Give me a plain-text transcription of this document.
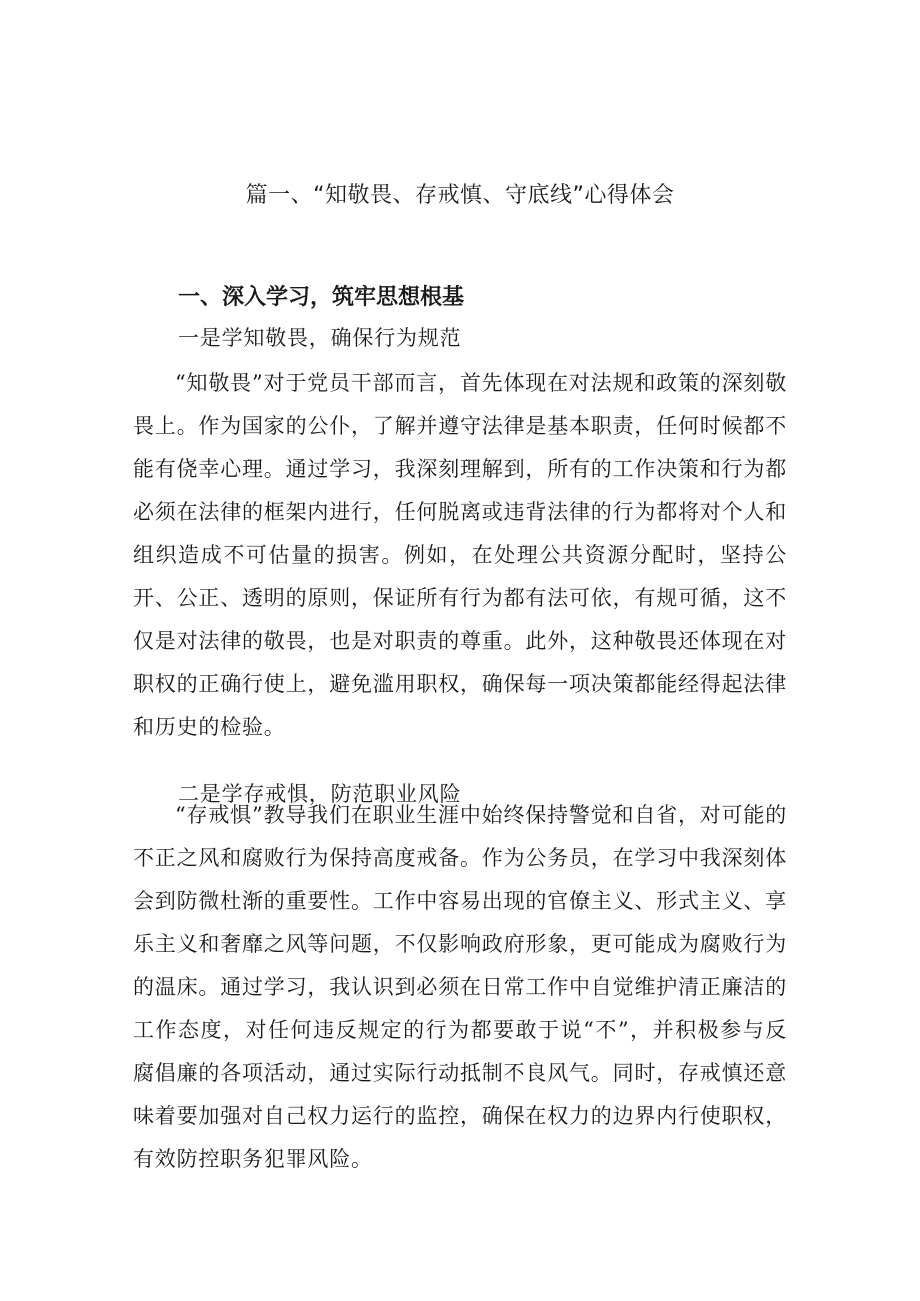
篇一、“知敬畏、存戒慎、守底线”心得体会
一、深入学习，筑牢思想根基
一是学知敬畏，确保行为规范

“知敬畏”对于党员干部而言，首先体现在对法规和政策的深刻敬畏上。作为国家的公仆，了解并遵守法律是基本职责，任何时候都不能有侥幸心理。通过学习，我深刻理解到，所有的工作决策和行为都必须在法律的框架内进行，任何脱离或违背法律的行为都将对个人和组织造成不可估量的损害。例如，在处理公共资源分配时，坚持公开、公正、透明的原则，保证所有行为都有法可依，有规可循，这不仅是对法律的敬畏，也是对职责的尊重。此外，这种敬畏还体现在对职权的正确行使上，避免滥用职权，确保每一项决策都能经得起法律和历史的检验。

二是学存戒惧，防范职业风险

“存戒惧”教导我们在职业生涯中始终保持警觉和自省，对可能的不正之风和腐败行为保持高度戒备。作为公务员，在学习中我深刻体会到防微杜渐的重要性。工作中容易出现的官僚主义、形式主义、享乐主义和奢靡之风等问题，不仅影响政府形象，更可能成为腐败行为的温床。通过学习，我认识到必须在日常工作中自觉维护清正廉洁的工作态度，对任何违反规定的行为都要敢于说“不”，并积极参与反腐倡廉的各项活动，通过实际行动抵制不良风气。同时，存戒慎还意味着要加强对自己权力运行的监控，确保在权力的边界内行使职权，有效防控职务犯罪风险。
